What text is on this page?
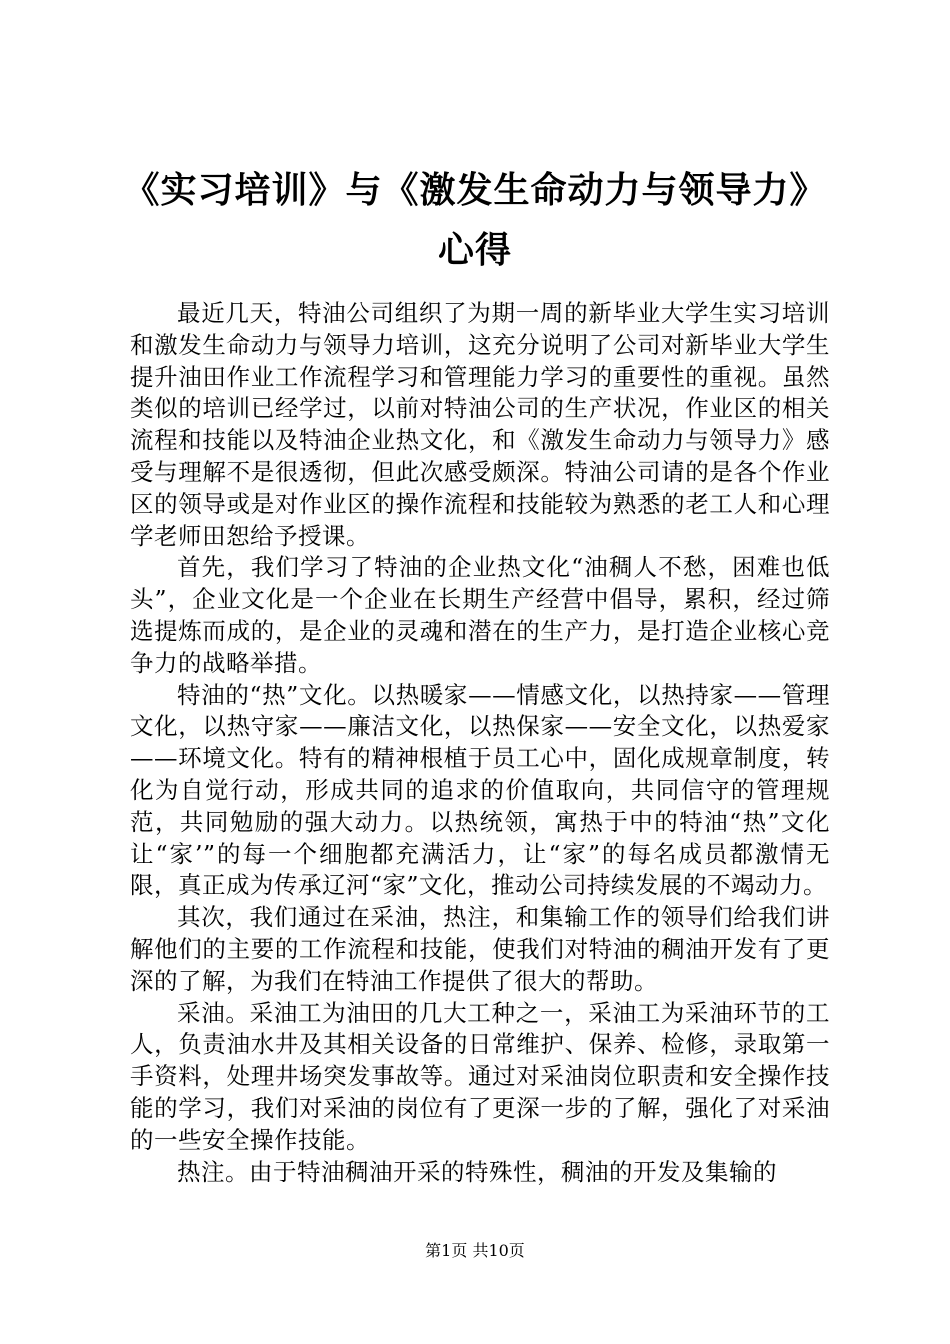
《实习培训》与《激发生命动力与领导力》心得

最近几天，特油公司组织了为期一周的新毕业大学生实习培训和激发生命动力与领导力培训，这充分说明了公司对新毕业大学生提升油田作业工作流程学习和管理能力学习的重要性的重视。虽然类似的培训已经学过，以前对特油公司的生产状况，作业区的相关流程和技能以及特油企业热文化，和《激发生命动力与领导力》感受与理解不是很透彻，但此次感受颇深。特油公司请的是各个作业区的领导或是对作业区的操作流程和技能较为熟悉的老工人和心理学老师田恕给予授课。

首先，我们学习了特油的企业热文化“油稠人不愁，困难也低头”，企业文化是一个企业在长期生产经营中倡导，累积，经过筛选提炼而成的，是企业的灵魂和潜在的生产力，是打造企业核心竞争力的战略举措。

特油的“热”文化。以热暖家——情感文化，以热持家——管理文化，以热守家——廉洁文化，以热保家——安全文化，以热爱家——环境文化。特有的精神根植于员工心中，固化成规章制度，转化为自觉行动，形成共同的追求的价值取向，共同信守的管理规范，共同勉励的强大动力。以热统领，寓热于中的特油“热”文化让“家’”的每一个细胞都充满活力，让“家”的每名成员都激情无限，真正成为传承辽河“家”文化，推动公司持续发展的不竭动力。

其次，我们通过在采油，热注，和集输工作的领导们给我们讲解他们的主要的工作流程和技能，使我们对特油的稠油开发有了更深的了解，为我们在特油工作提供了很大的帮助。

采油。采油工为油田的几大工种之一，采油工为采油环节的工人，负责油水井及其相关设备的日常维护、保养、检修，录取第一手资料，处理井场突发事故等。通过对采油岗位职责和安全操作技能的学习，我们对采油的岗位有了更深一步的了解，强化了对采油的一些安全操作技能。

热注。由于特油稠油开采的特殊性，稠油的开发及集输的

第1页 共10页
